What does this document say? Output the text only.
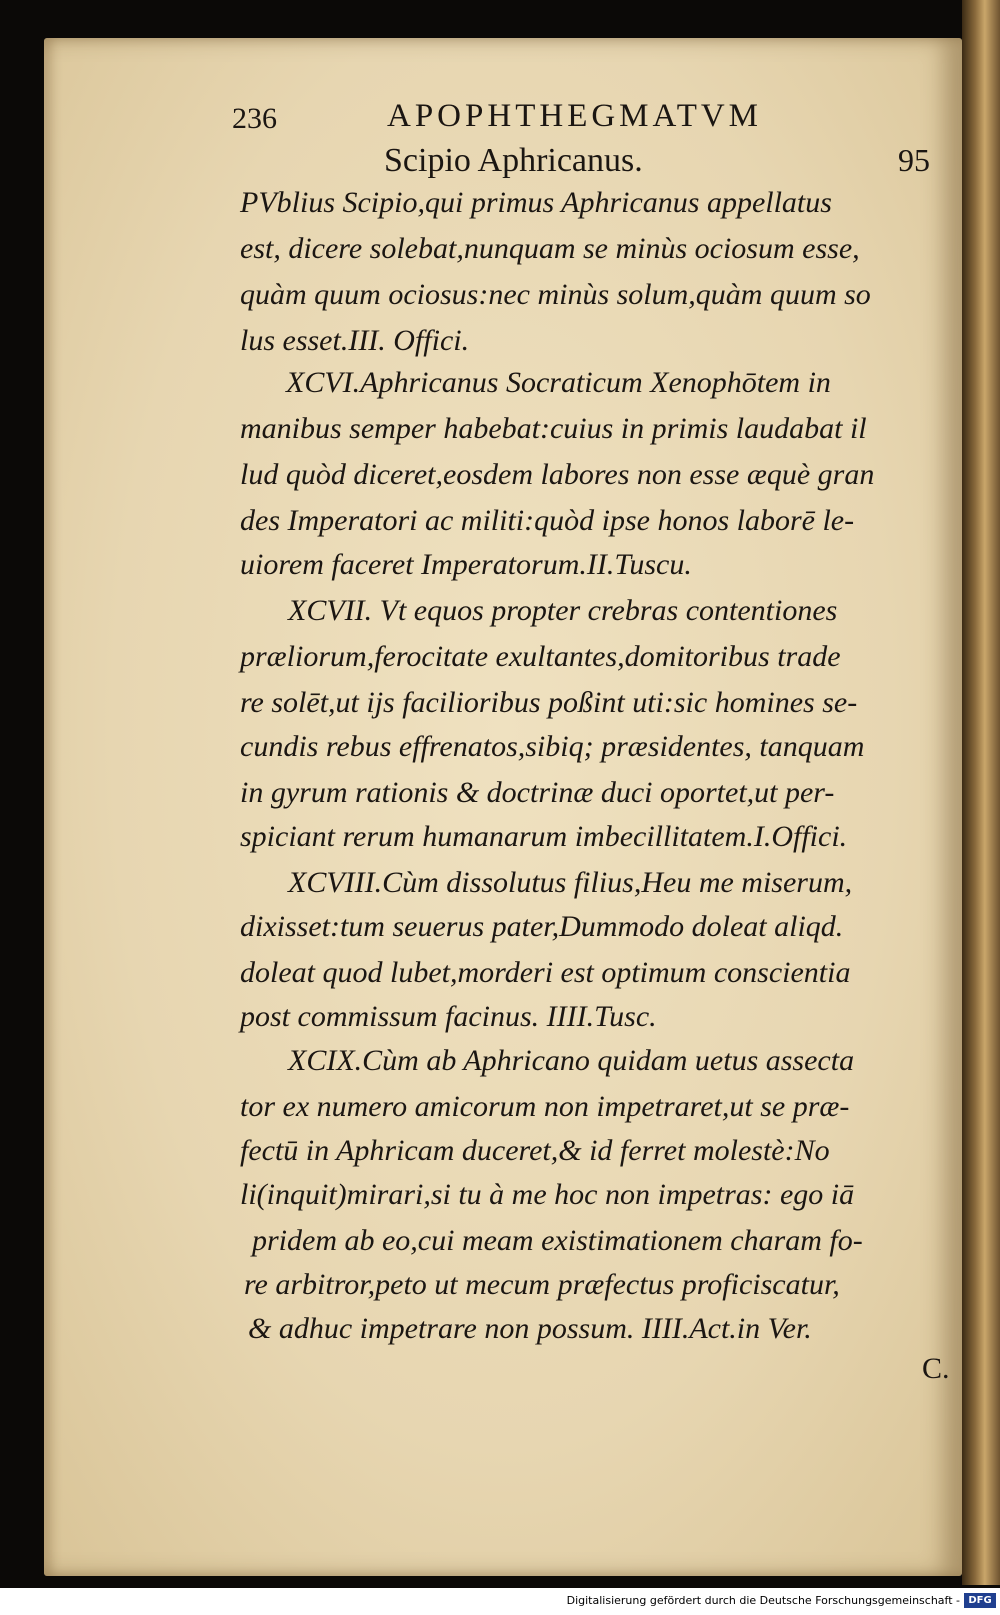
236	APOPHTHEGMATVM
Scipio Aphricanus.	95
PVblius Scipio,qui primus Aphricanus appellatus
est, dicere solebat,nunquam se minùs ociosum esse,
quàm quum ociosus:nec minùs solum,quàm quum so
lus esset.III. Offici.
XCVI.Aphricanus Socraticum Xenophōtem in
manibus semper habebat:cuius in primis laudabat il
lud quòd diceret,eosdem labores non esse æquè gran
des Imperatori ac militi:quòd ipse honos laborē le-
uiorem faceret Imperatorum.II.Tuscu.
XCVII. Vt equos propter crebras contentiones
præliorum,ferocitate exultantes,domitoribus trade
re solēt,ut ijs facilioribus poßint uti:sic homines se-
cundis rebus effrenatos,sibiq; præsidentes, tanquam
in gyrum rationis & doctrinæ duci oportet,ut per-
spiciant rerum humanarum imbecillitatem.I.Offici.
XCVIII.Cùm dissolutus filius,Heu me miserum,
dixisset:tum seuerus pater,Dummodo doleat aliqd.
doleat quod lubet,morderi est optimum conscientia
post commissum facinus. IIII.Tusc.
XCIX.Cùm ab Aphricano quidam uetus assecta
tor ex numero amicorum non impetraret,ut se præ-
fectū in Aphricam duceret,& id ferret molestè:No
li(inquit)mirari,si tu à me hoc non impetras: ego iā
pridem ab eo,cui meam existimationem charam fo-
re arbitror,peto ut mecum præfectus proficiscatur,
& adhuc impetrare non possum. IIII.Act.in Ver.
C.
Digitalisierung gefördert durch die Deutsche Forschungsgemeinschaft - DFG
